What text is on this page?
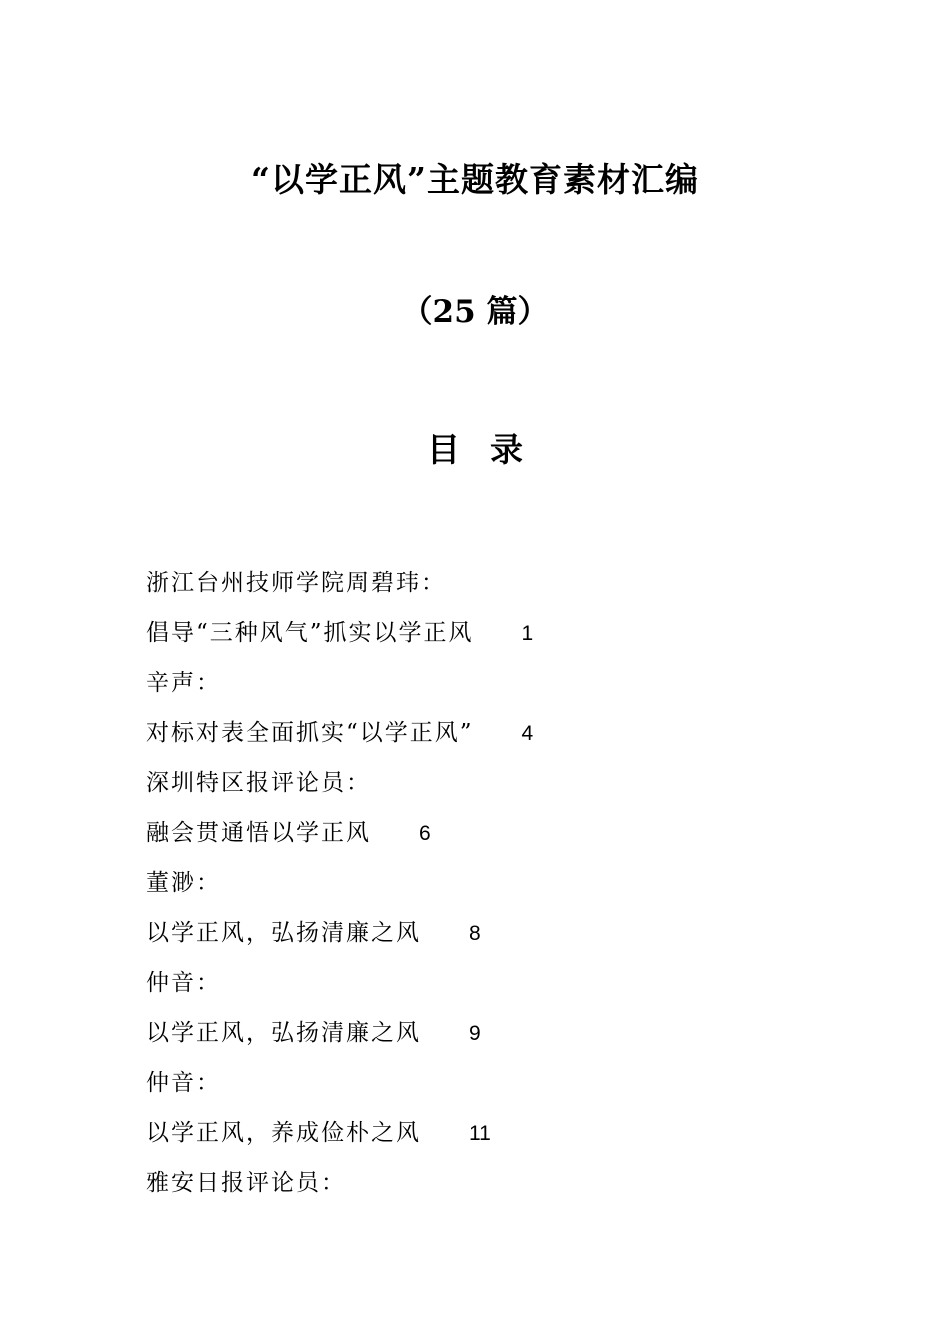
“以学正风”主题教育素材汇编
（25 篇）
目录
浙江台州技师学院周碧玮：
倡导“三种风气”抓实以学正风 1
辛声：
对标对表全面抓实“以学正风” 4
深圳特区报评论员：
融会贯通悟以学正风 6
董渺：
以学正风，弘扬清廉之风 8
仲音：
以学正风，弘扬清廉之风 9
仲音：
以学正风，养成俭朴之风 11
雅安日报评论员：
